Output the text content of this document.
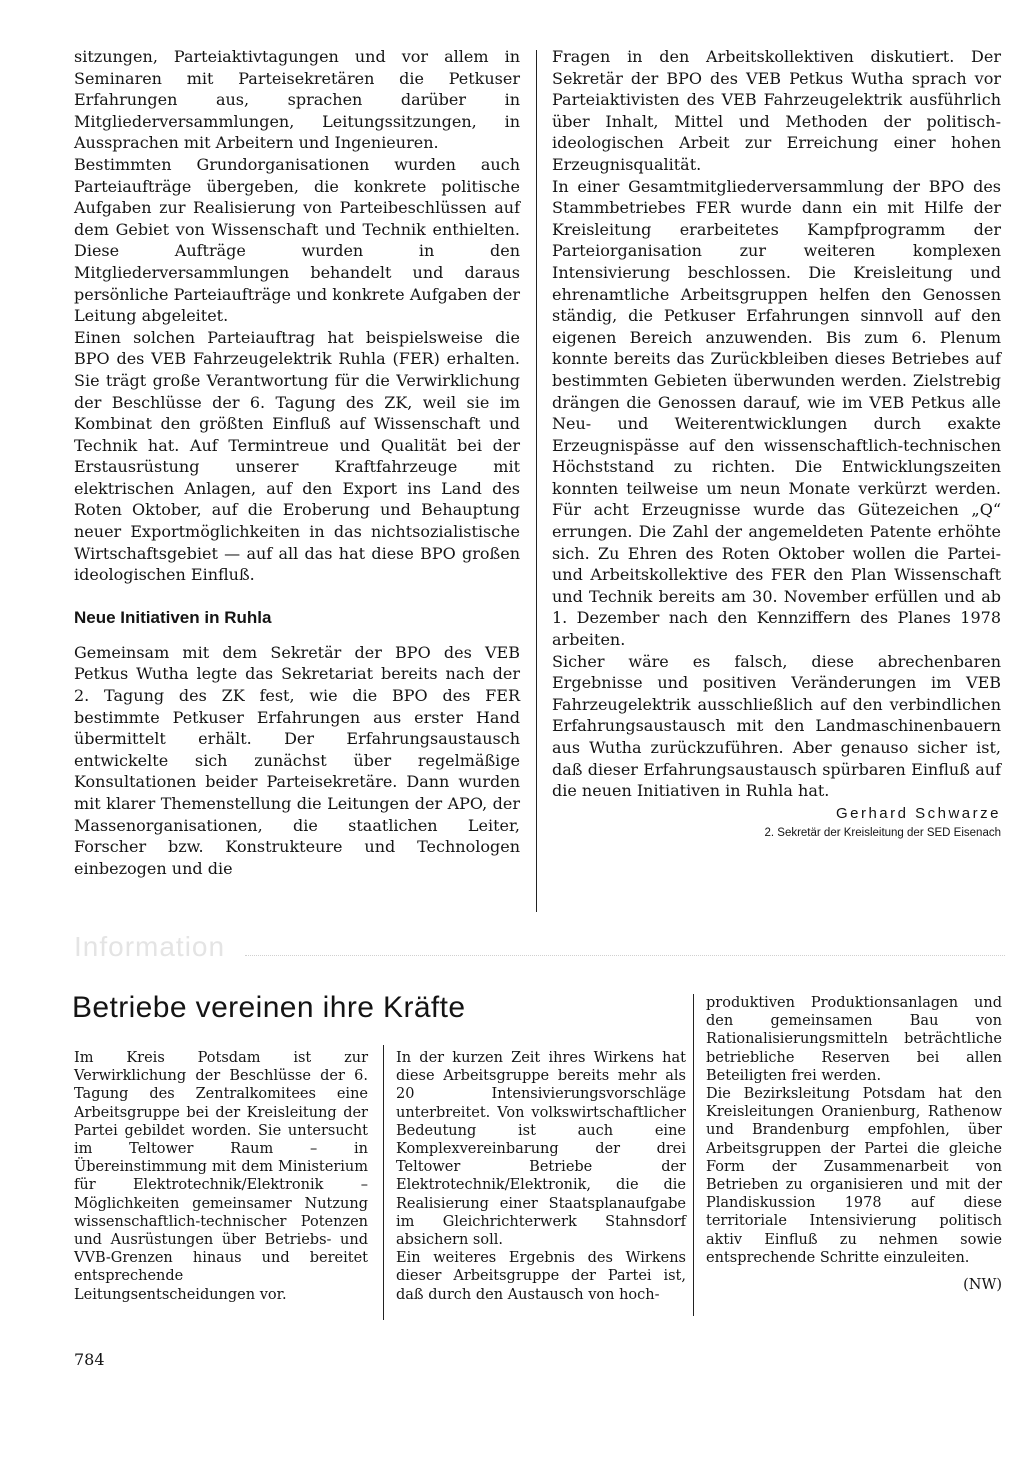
sitzungen, Parteiaktivtagungen und vor allem in Seminaren mit Parteisekretären die Petkuser Erfahrungen aus, sprachen darüber in Mitgliederversammlungen, Leitungssitzungen, in Aussprachen mit Arbeitern und Ingenieuren.

Bestimmten Grundorganisationen wurden auch Parteiaufträge übergeben, die konkrete politische Aufgaben zur Realisierung von Parteibeschlüssen auf dem Gebiet von Wissenschaft und Technik enthielten. Diese Aufträge wurden in den Mitgliederversammlungen behandelt und daraus persönliche Parteiaufträge und konkrete Aufgaben der Leitung abgeleitet.

Einen solchen Parteiauftrag hat beispielsweise die BPO des VEB Fahrzeugelektrik Ruhla (FER) erhalten. Sie trägt große Verantwortung für die Verwirklichung der Beschlüsse der 6. Tagung des ZK, weil sie im Kombinat den größten Einfluß auf Wissenschaft und Technik hat. Auf Termintreue und Qualität bei der Erstausrüstung unserer Kraftfahrzeuge mit elektrischen Anlagen, auf den Export ins Land des Roten Oktober, auf die Eroberung und Behauptung neuer Exportmöglichkeiten in das nichtsozialistische Wirtschaftsgebiet — auf all das hat diese BPO großen ideologischen Einfluß.

Neue Initiativen in Ruhla

Gemeinsam mit dem Sekretär der BPO des VEB Petkus Wutha legte das Sekretariat bereits nach der 2. Tagung des ZK fest, wie die BPO des FER bestimmte Petkuser Erfahrungen aus erster Hand übermittelt erhält. Der Erfahrungsaustausch entwickelte sich zunächst über regelmäßige Konsultationen beider Parteisekretäre. Dann wurden mit klarer Themenstellung die Leitungen der APO, der Massenorganisationen, die staatlichen Leiter, Forscher bzw. Konstrukteure und Technologen einbezogen und die

Fragen in den Arbeitskollektiven diskutiert. Der Sekretär der BPO des VEB Petkus Wutha sprach vor Parteiaktivisten des VEB Fahrzeugelektrik ausführlich über Inhalt, Mittel und Methoden der politisch-ideologischen Arbeit zur Erreichung einer hohen Erzeugnisqualität.

In einer Gesamtmitgliederversammlung der BPO des Stammbetriebes FER wurde dann ein mit Hilfe der Kreisleitung erarbeitetes Kampfprogramm der Parteiorganisation zur weiteren komplexen Intensivierung beschlossen. Die Kreisleitung und ehrenamtliche Arbeitsgruppen helfen den Genossen ständig, die Petkuser Erfahrungen sinnvoll auf den eigenen Bereich anzuwenden. Bis zum 6. Plenum konnte bereits das Zurückbleiben dieses Betriebes auf bestimmten Gebieten überwunden werden. Zielstrebig drängen die Genossen darauf, wie im VEB Petkus alle Neu- und Weiterentwicklungen durch exakte Erzeugnispässe auf den wissenschaftlich-technischen Höchststand zu richten. Die Entwicklungszeiten konnten teilweise um neun Monate verkürzt werden. Für acht Erzeugnisse wurde das Gütezeichen „Q“ errungen. Die Zahl der angemeldeten Patente erhöhte sich. Zu Ehren des Roten Oktober wollen die Partei- und Arbeitskollektive des FER den Plan Wissenschaft und Technik bereits am 30. November erfüllen und ab 1. Dezember nach den Kennziffern des Planes 1978 arbeiten.

Sicher wäre es falsch, diese abrechenbaren Ergebnisse und positiven Veränderungen im VEB Fahrzeugelektrik ausschließlich auf den verbindlichen Erfahrungsaustausch mit den Landmaschinenbauern aus Wutha zurückzuführen. Aber genauso sicher ist, daß dieser Erfahrungsaustausch spürbaren Einfluß auf die neuen Initiativen in Ruhla hat.

Gerhard Schwarze
2. Sekretär der Kreisleitung der SED Eisenach
Information
Betriebe vereinen ihre Kräfte

Im Kreis Potsdam ist zur Verwirklichung der Beschlüsse der 6. Tagung des Zentralkomitees eine Arbeitsgruppe bei der Kreisleitung der Partei gebildet worden. Sie untersucht im Teltower Raum – in Übereinstimmung mit dem Ministerium für Elektrotechnik/Elektronik – Möglichkeiten gemeinsamer Nutzung wissenschaftlich-technischer Potenzen und Ausrüstungen über Betriebs- und VVB-Grenzen hinaus und bereitet entsprechende Leitungsentscheidungen vor.

In der kurzen Zeit ihres Wirkens hat diese Arbeitsgruppe bereits mehr als 20 Intensivierungsvorschläge unterbreitet. Von volkswirtschaftlicher Bedeutung ist auch eine Komplexvereinbarung der drei Teltower Betriebe der Elektrotechnik/Elektronik, die die Realisierung einer Staatsplanaufgabe im Gleichrichterwerk Stahnsdorf absichern soll.

Ein weiteres Ergebnis des Wirkens dieser Arbeitsgruppe der Partei ist, daß durch den Austausch von hoch-

produktiven Produktionsanlagen und den gemeinsamen Bau von Rationalisierungsmitteln beträchtliche betriebliche Reserven bei allen Beteiligten frei werden.

Die Bezirksleitung Potsdam hat den Kreisleitungen Oranienburg, Rathenow und Brandenburg empfohlen, über Arbeitsgruppen der Partei die gleiche Form der Zusammenarbeit von Betrieben zu organisieren und mit der Plandiskussion 1978 auf diese territoriale Intensivierung politisch aktiv Einfluß zu nehmen sowie entsprechende Schritte einzuleiten.

(NW)
784
